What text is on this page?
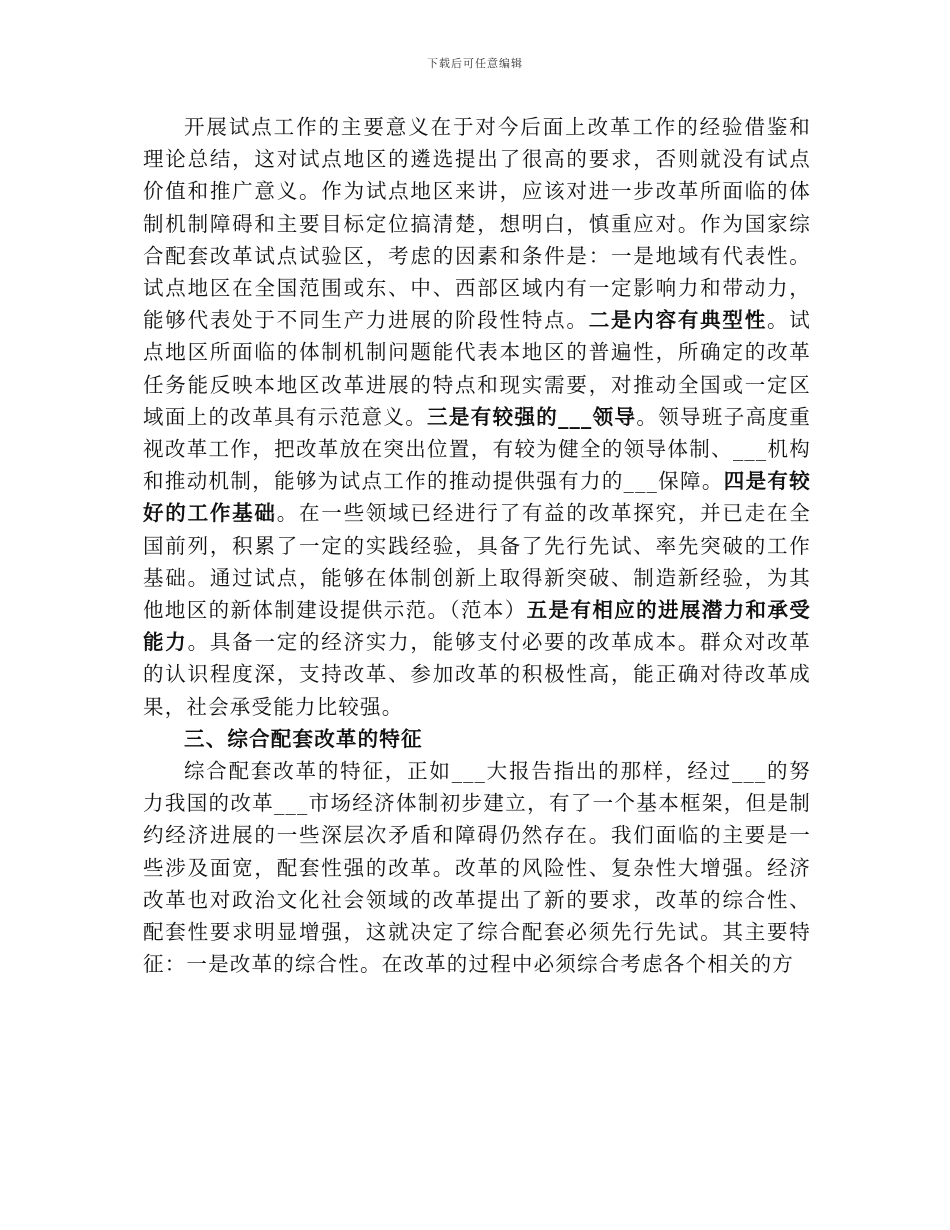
下载后可任意编辑

开展试点工作的主要意义在于对今后面上改革工作的经验借鉴和理论总结，这对试点地区的遴选提出了很高的要求，否则就没有试点价值和推广意义。作为试点地区来讲，应该对进一步改革所面临的体制机制障碍和主要目标定位搞清楚，想明白，慎重应对。作为国家综合配套改革试点试验区，考虑的因素和条件是：一是地域有代表性。试点地区在全国范围或东、中、西部区域内有一定影响力和带动力，能够代表处于不同生产力进展的阶段性特点。二是内容有典型性。试点地区所面临的体制机制问题能代表本地区的普遍性，所确定的改革任务能反映本地区改革进展的特点和现实需要，对推动全国或一定区域面上的改革具有示范意义。三是有较强的___领导。领导班子高度重视改革工作，把改革放在突出位置，有较为健全的领导体制、___机构和推动机制，能够为试点工作的推动提供强有力的___保障。四是有较好的工作基础。在一些领域已经进行了有益的改革探究，并已走在全国前列，积累了一定的实践经验，具备了先行先试、率先突破的工作基础。通过试点，能够在体制创新上取得新突破、制造新经验，为其他地区的新体制建设提供示范。（范本）五是有相应的进展潜力和承受能力。具备一定的经济实力，能够支付必要的改革成本。群众对改革的认识程度深，支持改革、参加改革的积极性高，能正确对待改革成果，社会承受能力比较强。

三、综合配套改革的特征

综合配套改革的特征，正如___大报告指出的那样，经过___的努力我国的改革___市场经济体制初步建立，有了一个基本框架，但是制约经济进展的一些深层次矛盾和障碍仍然存在。我们面临的主要是一些涉及面宽，配套性强的改革。改革的风险性、复杂性大增强。经济改革也对政治文化社会领域的改革提出了新的要求，改革的综合性、配套性要求明显增强，这就决定了综合配套必须先行先试。其主要特征：一是改革的综合性。在改革的过程中必须综合考虑各个相关的方
